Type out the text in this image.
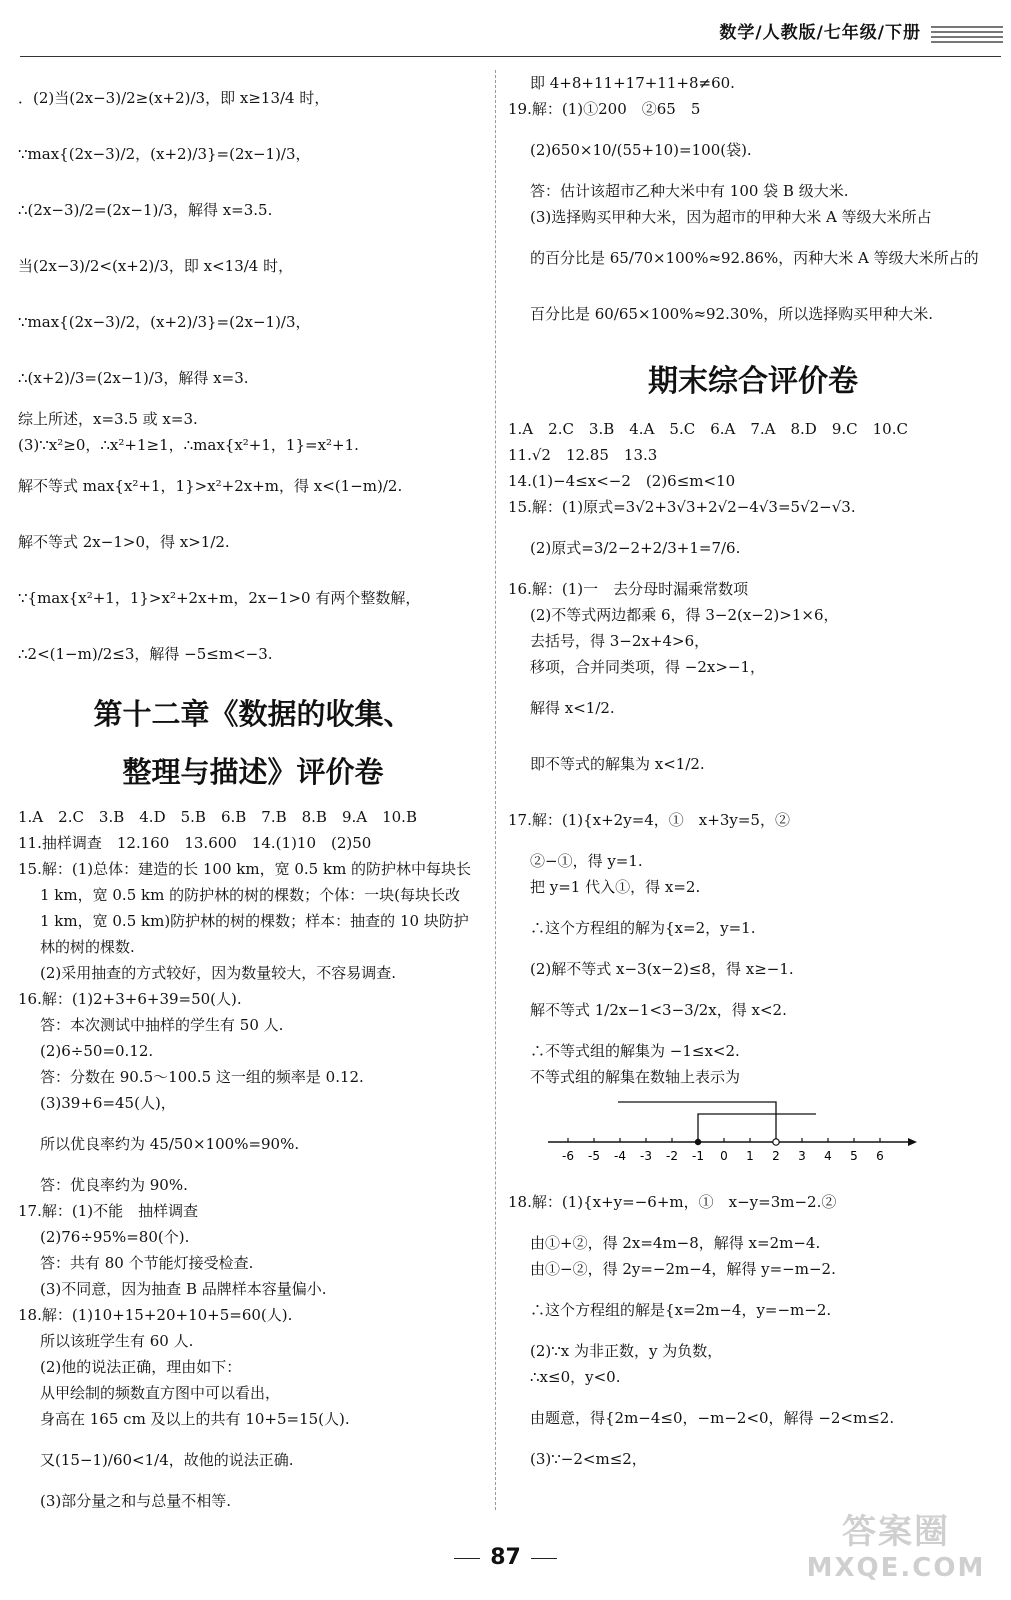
数学/人教版/七年级/下册

．(2)当(2x−3)/2≥(x+2)/3，即 x≥13/4 时，

∵max{(2x−3)/2，(x+2)/3}=(2x−1)/3，

∴(2x−3)/2=(2x−1)/3，解得 x=3.5.

当(2x−3)/2<(x+2)/3，即 x<13/4 时，

∵max{(2x−3)/2，(x+2)/3}=(2x−1)/3，

∴(x+2)/3=(2x−1)/3，解得 x=3.

综上所述，x=3.5 或 x=3.

(3)∵x²≥0，∴x²+1≥1，∴max{x²+1，1}=x²+1.

解不等式 max{x²+1，1}>x²+2x+m，得 x<(1−m)/2.

解不等式 2x−1>0，得 x>1/2.

∵{max{x²+1，1}>x²+2x+m，2x−1>0 有两个整数解，

∴2<(1−m)/2≤3，解得 −5≤m<−3.

第十二章《数据的收集、
整理与描述》评价卷

1.A　2.C　3.B　4.D　5.B　6.B　7.B　8.B　9.A　10.B

11.抽样调查　12.160　13.600　14.(1)10　(2)50

15.解：(1)总体：建造的长 100 km，宽 0.5 km 的防护林中每块长

1 km，宽 0.5 km 的防护林的树的棵数；个体：一块(每块长改

1 km，宽 0.5 km)防护林的树的棵数；样本：抽查的 10 块防护

林的树的棵数.

(2)采用抽查的方式较好，因为数量较大，不容易调查.

16.解：(1)2+3+6+39=50(人).

答：本次测试中抽样的学生有 50 人.

(2)6÷50=0.12.

答：分数在 90.5～100.5 这一组的频率是 0.12.

(3)39+6=45(人)，

所以优良率约为 45/50×100%=90%.

答：优良率约为 90%.

17.解：(1)不能　抽样调查

(2)76÷95%=80(个).

答：共有 80 个节能灯接受检查.

(3)不同意，因为抽查 B 品牌样本容量偏小.

18.解：(1)10+15+20+10+5=60(人).

所以该班学生有 60 人.

(2)他的说法正确，理由如下：

从甲绘制的频数直方图中可以看出，

身高在 165 cm 及以上的共有 10+5=15(人).

又(15−1)/60<1/4，故他的说法正确.

(3)部分量之和与总量不相等.

即 4+8+11+17+11+8≠60.

19.解：(1)①200　②65　5

(2)650×10/(55+10)=100(袋).

答：估计该超市乙种大米中有 100 袋 B 级大米.

(3)选择购买甲种大米，因为超市的甲种大米 A 等级大米所占

的百分比是 65/70×100%≈92.86%，丙种大米 A 等级大米所占的

百分比是 60/65×100%≈92.30%，所以选择购买甲种大米.

期末综合评价卷

1.A　2.C　3.B　4.A　5.C　6.A　7.A　8.D　9.C　10.C

11.√2　12.85　13.3

14.(1)−4≤x<−2　(2)6≤m<10

15.解：(1)原式=3√2+3√3+2√2−4√3=5√2−√3.

(2)原式=3/2−2+2/3+1=7/6.

16.解：(1)一　去分母时漏乘常数项

(2)不等式两边都乘 6，得 3−2(x−2)>1×6，

去括号，得 3−2x+4>6，

移项，合并同类项，得 −2x>−1，

解得 x<1/2.

即不等式的解集为 x<1/2.

17.解：(1){x+2y=4，①　x+3y=5，②

②−①，得 y=1.

把 y=1 代入①，得 x=2.

∴这个方程组的解为{x=2，y=1.

(2)解不等式 x−3(x−2)≤8，得 x≥−1.

解不等式 1/2x−1<3−3/2x，得 x<2.

∴不等式组的解集为 −1≤x<2.

不等式组的解集在数轴上表示为

-6 -5 -4 -3 -2 -1 0 1 2 3 4 5 6

18.解：(1){x+y=−6+m，①　x−y=3m−2.②

由①+②，得 2x=4m−8，解得 x=2m−4.

由①−②，得 2y=−2m−4，解得 y=−m−2.

∴这个方程组的解是{x=2m−4，y=−m−2.

(2)∵x 为非正数，y 为负数，

∴x≤0，y<0.

由题意，得{2m−4≤0，−m−2<0，解得 −2<m≤2.

(3)∵−2<m≤2，

87
答案圈
MXQE.COM
